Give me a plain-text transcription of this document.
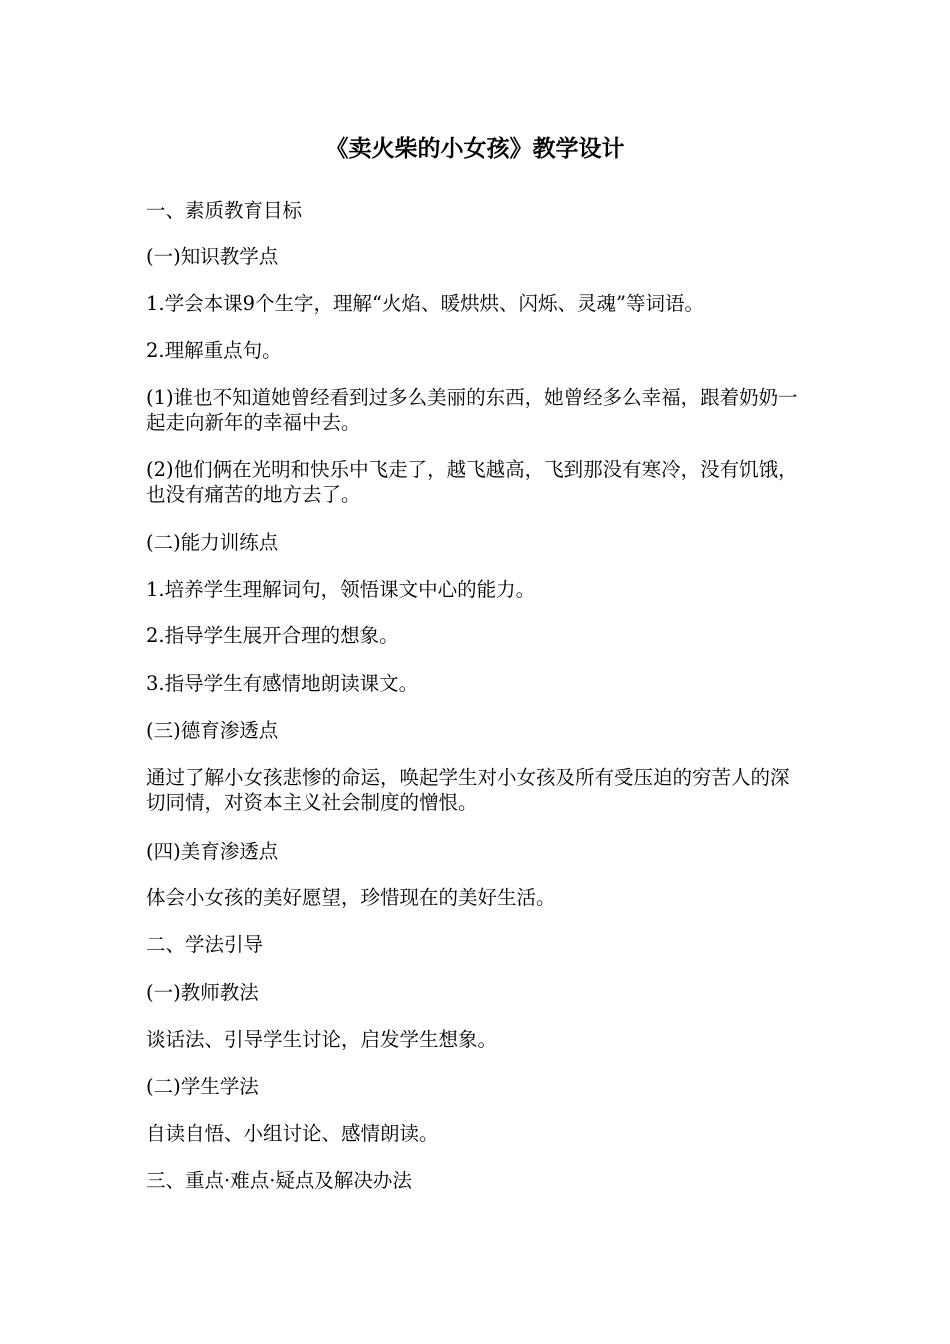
《卖火柴的小女孩》教学设计
一、素质教育目标
(一)知识教学点
1.学会本课9个生字，理解“火焰、暖烘烘、闪烁、灵魂”等词语。
2.理解重点句。
(1)谁也不知道她曾经看到过多么美丽的东西，她曾经多么幸福，跟着奶奶一起走向新年的幸福中去。
(2)他们俩在光明和快乐中飞走了，越飞越高，飞到那没有寒冷，没有饥饿，也没有痛苦的地方去了。
(二)能力训练点
1.培养学生理解词句，领悟课文中心的能力。
2.指导学生展开合理的想象。
3.指导学生有感情地朗读课文。
(三)德育渗透点
通过了解小女孩悲惨的命运，唤起学生对小女孩及所有受压迫的穷苦人的深切同情，对资本主义社会制度的憎恨。
(四)美育渗透点
体会小女孩的美好愿望，珍惜现在的美好生活。
二、学法引导
(一)教师教法
谈话法、引导学生讨论，启发学生想象。
(二)学生学法
自读自悟、小组讨论、感情朗读。
三、重点·难点·疑点及解决办法
